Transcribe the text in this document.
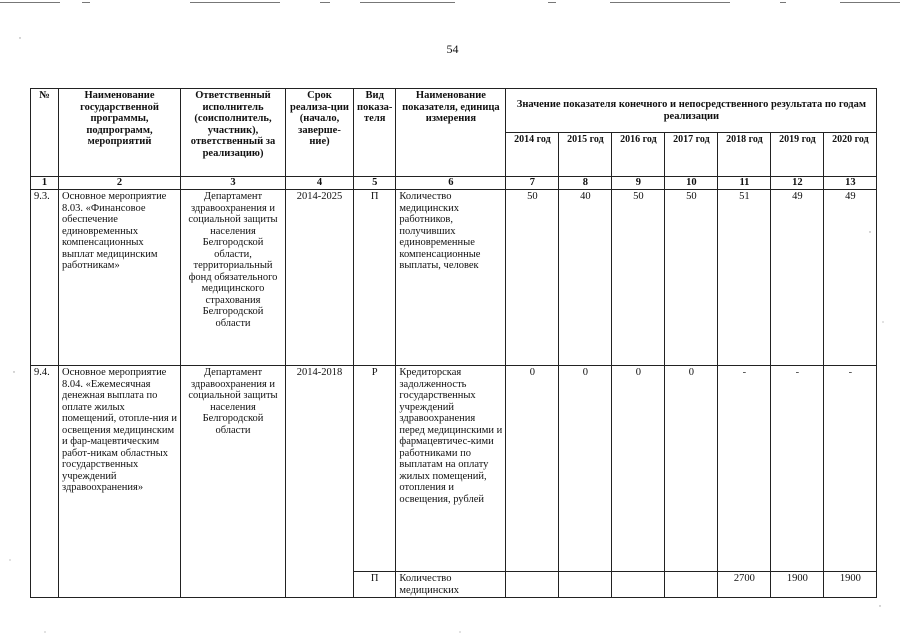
54
№	Наименование государственной программы, подпрограмм, мероприятий	Ответственный исполнитель (соисполнитель, участник), ответственный за реализацию)	Срок реализа-ции (начало, заверше-ние)	Вид показа-теля	Наименование показателя, единица измерения	Значение показателя конечного и непосредственного результата по годам реализации						
						2014 год	2015 год	2016 год	2017 год	2018 год	2019 год	2020 год
1	2	3	4	5	6	7	8	9	10	11	12	13
9.3.	Основное мероприятие 8.03. «Финансовое обеспечение единовременных компенсационных выплат медицинским работникам»	Департамент здравоохранения и социальной защиты населения Белгородской области, территориальный фонд обязательного медицинского страхования Белгородской области	2014-2025	П	Количество медицинских работников, получивших единовременные компенсационные выплаты, человек	50	40	50	50	51	49	49
9.4.	Основное мероприятие 8.04. «Ежемесячная денежная выплата по оплате жилых помещений, отопле-ния и освещения медицинским и фар-мацевтическим работ-никам областных государственных учреждений здравоохранения»	Департамент здравоохранения и социальной защиты населения Белгородской области	2014-2018	Р	Кредиторская задолженность государственных учреждений здравоохранения перед медицинскими и фармацевтичес-кими работниками по выплатам на оплату жилых помещений, отопления и освещения, рублей	0	0	0	0	-	-	-
				П	Количество медицинских					2700	1900	1900
